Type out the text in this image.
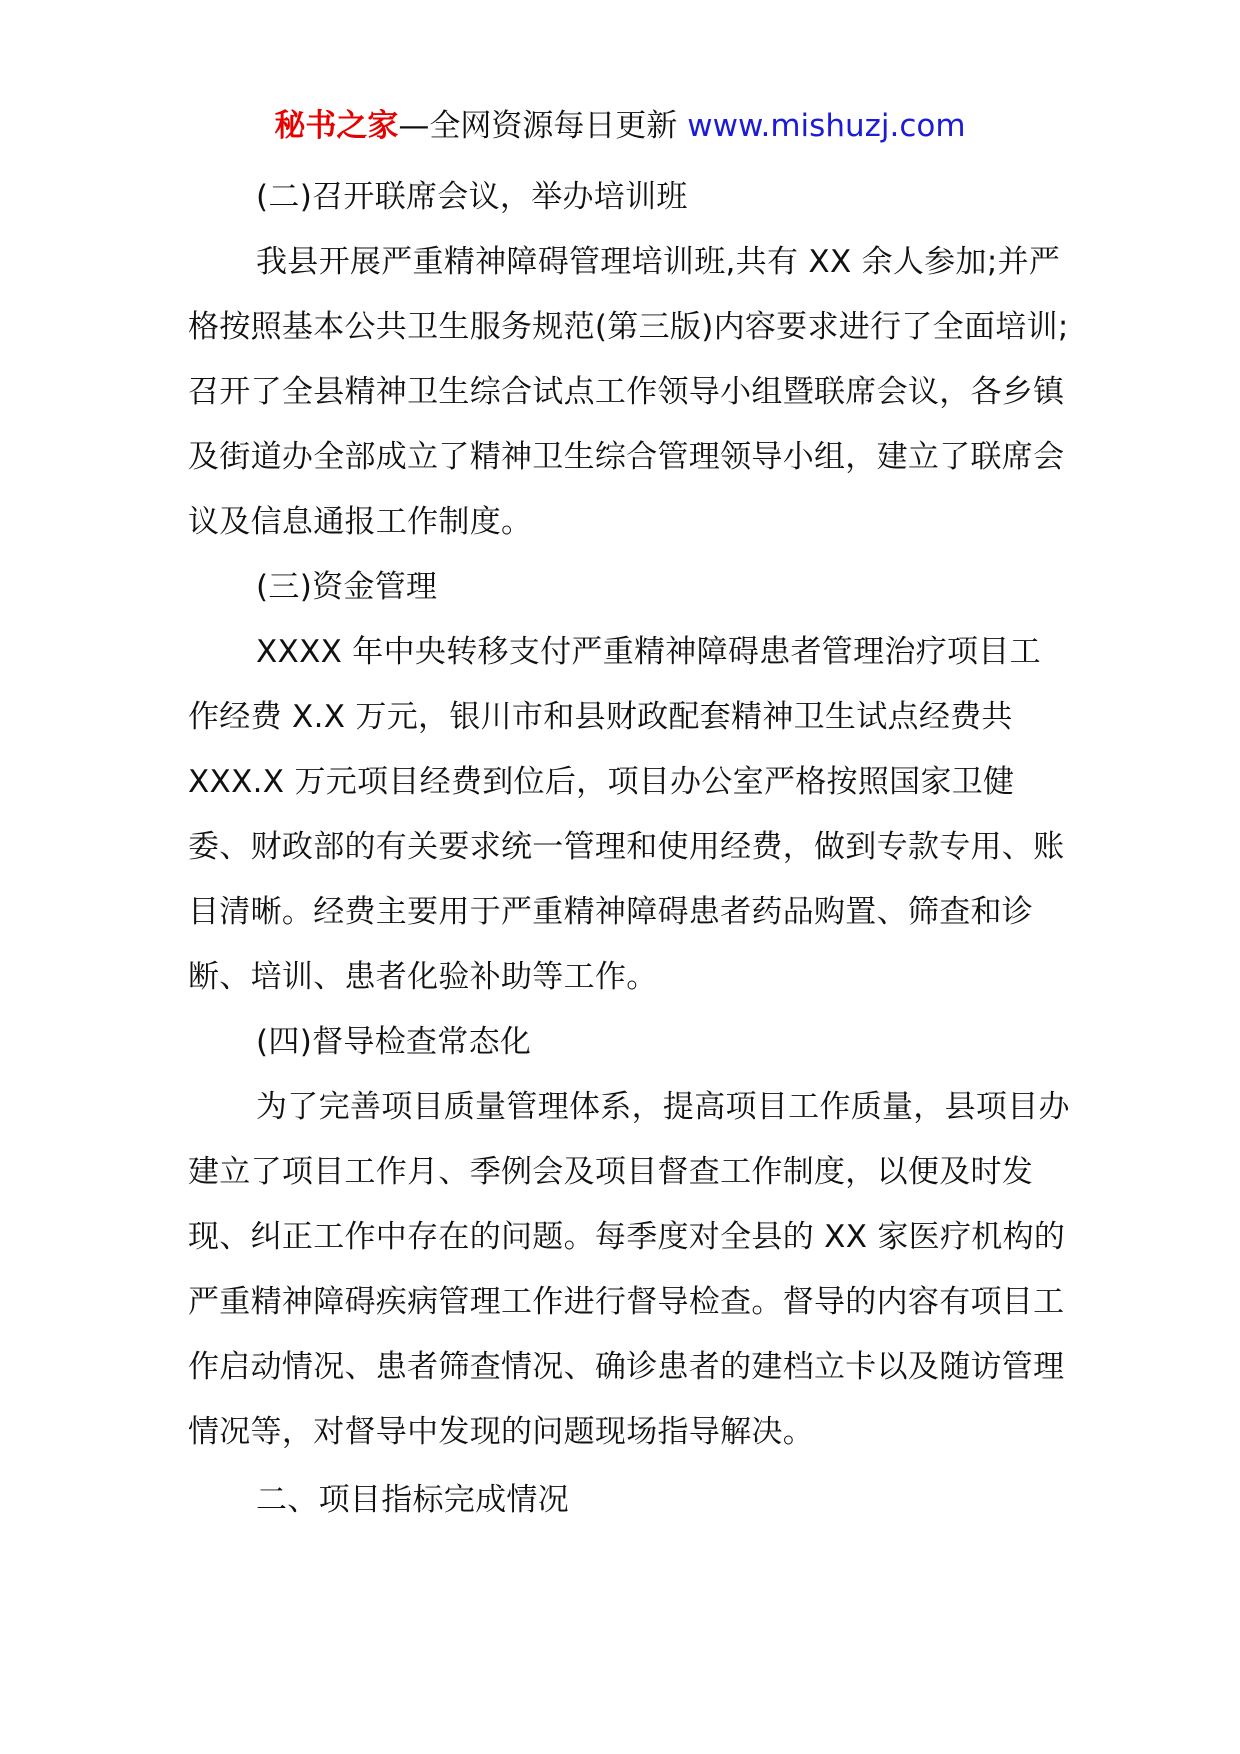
秘书之家—全网资源每日更新 www.mishuzj.com

(二)召开联席会议，举办培训班

我县开展严重精神障碍管理培训班,共有 XX 余人参加;并严格按照基本公共卫生服务规范(第三版)内容要求进行了全面培训;召开了全县精神卫生综合试点工作领导小组暨联席会议，各乡镇及街道办全部成立了精神卫生综合管理领导小组，建立了联席会议及信息通报工作制度。

(三)资金管理

XXXX 年中央转移支付严重精神障碍患者管理治疗项目工作经费 X.X 万元，银川市和县财政配套精神卫生试点经费共 XXX.X 万元项目经费到位后，项目办公室严格按照国家卫健委、财政部的有关要求统一管理和使用经费，做到专款专用、账目清晰。经费主要用于严重精神障碍患者药品购置、筛查和诊断、培训、患者化验补助等工作。

(四)督导检查常态化

为了完善项目质量管理体系，提高项目工作质量，县项目办建立了项目工作月、季例会及项目督查工作制度，以便及时发现、纠正工作中存在的问题。每季度对全县的 XX 家医疗机构的严重精神障碍疾病管理工作进行督导检查。督导的内容有项目工作启动情况、患者筛查情况、确诊患者的建档立卡以及随访管理情况等，对督导中发现的问题现场指导解决。

二、项目指标完成情况
